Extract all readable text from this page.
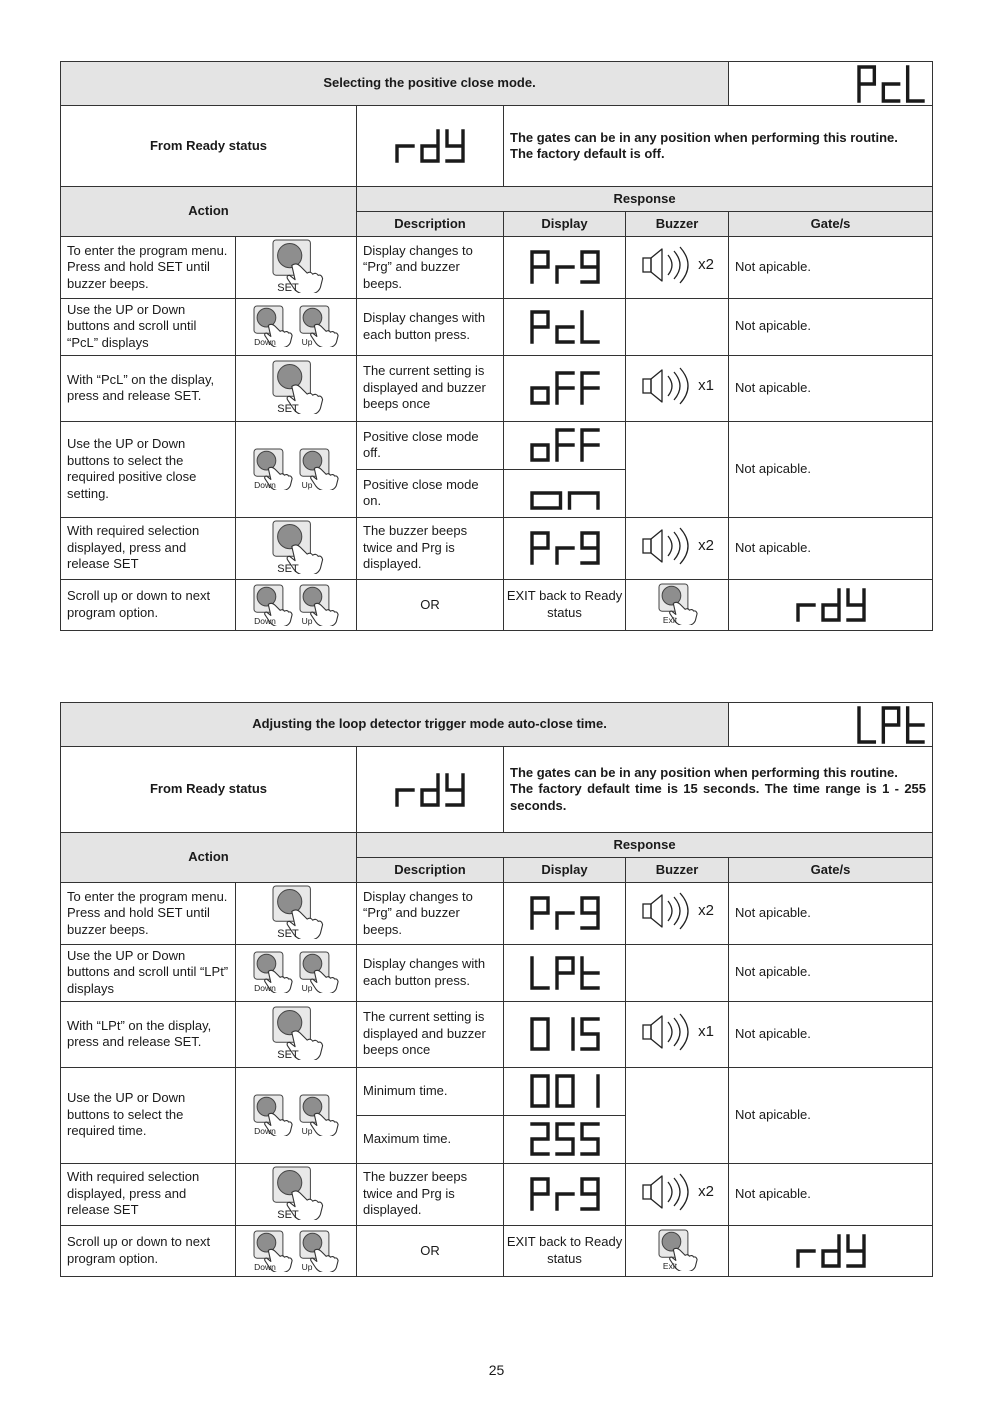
Selecting the positive close mode.	
From Ready status			The gates can be in any position when performing this routine.
The factory default is off.		

Action		Response			
		Description	Display	Buzzer	Gate/s
To enter the program menu. Press and hold SET until buzzer beeps.	SET	Display changes to “Prg” and buzzer beeps.		x2	Not apicable.
Use the UP or Down buttons and scroll until “PcL” displays	Down Up	Display changes with each button press.			Not apicable.
With “PcL” on the display, press and release SET.	SET	The current setting is displayed and buzzer beeps once		x1	Not apicable.
Use the UP or Down buttons to select the required positive close setting.	Down Up	Positive close mode off.			Not apicable.
		Positive close mode on.	
With required selection displayed, press and release SET	SET	The buzzer beeps twice and Prg is displayed.		x2	Not apicable.
Scroll up or down to next program option.	Down Up	OR	EXIT back to Ready status	Exit

Adjusting the loop detector trigger mode auto-close time.	
From Ready status			The gates can be in any position when performing this routine.
The factory default time is 15 seconds. The time range is 1 - 255 seconds.		

Action		Response			
		Description	Display	Buzzer	Gate/s
To enter the program menu. Press and hold SET until buzzer beeps.	SET	Display changes to “Prg” and buzzer beeps.		x2	Not apicable.
Use the UP or Down buttons and scroll until “LPt” displays	Down Up	Display changes with each button press.			Not apicable.
With “LPt” on the display, press and release SET.	SET	The current setting is displayed and buzzer beeps once		x1	Not apicable.
Use the UP or Down buttons to select the required time.	Down Up	Minimum time.			Not apicable.
		Maximum time.	
With required selection displayed, press and release SET	SET	The buzzer beeps twice and Prg is displayed.		x2	Not apicable.
Scroll up or down to next program option.	Down Up	OR	EXIT back to Ready status	Exit

25
